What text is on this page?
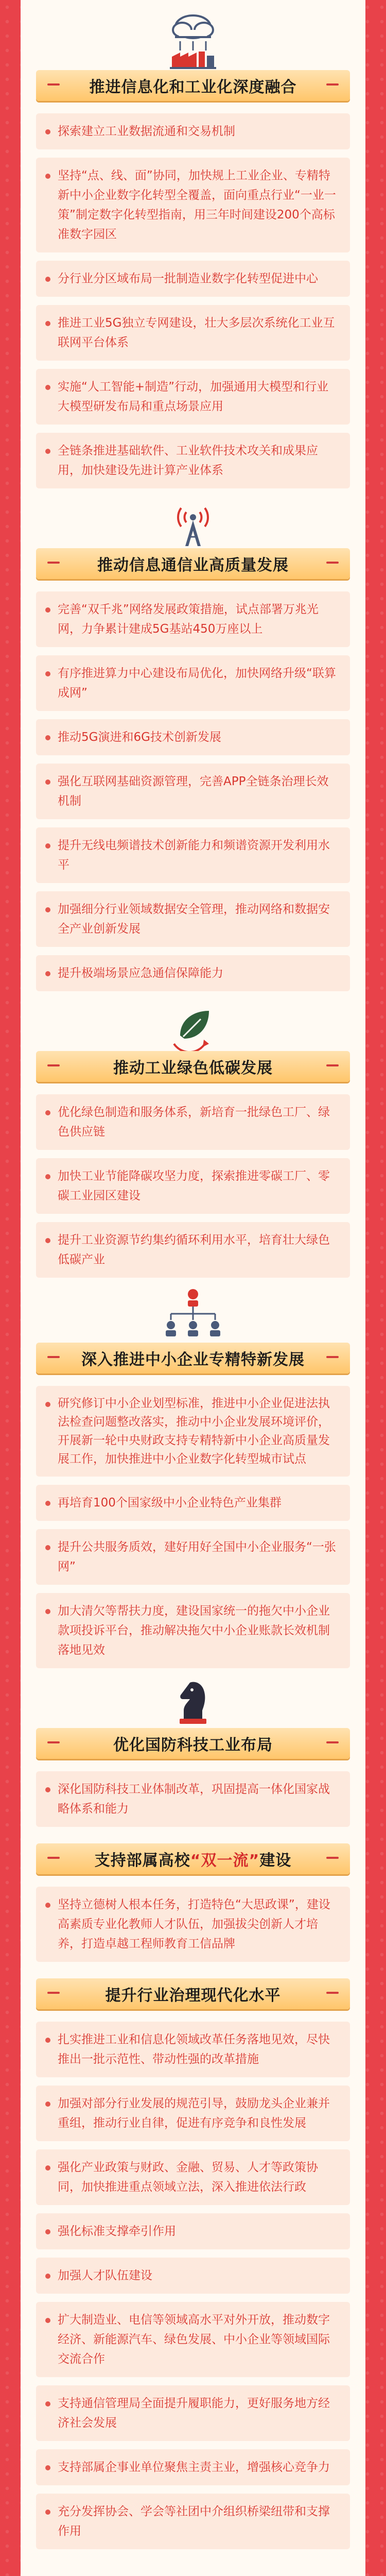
推进信息化和工业化深度融合
探索建立工业数据流通和交易机制
坚持“点、线、面”协同，加快规上工业企业、专精特新中小企业数字化转型全覆盖，面向重点行业“一业一策”制定数字化转型指南，用三年时间建设200个高标准数字园区
分行业分区域布局一批制造业数字化转型促进中心
推进工业5G独立专网建设，壮大多层次系统化工业互联网平台体系
实施“人工智能+制造”行动，加强通用大模型和行业大模型研发布局和重点场景应用
全链条推进基础软件、工业软件技术攻关和成果应用，加快建设先进计算产业体系
推动信息通信业高质量发展
完善“双千兆”网络发展政策措施，试点部署万兆光网，力争累计建成5G基站450万座以上
有序推进算力中心建设布局优化，加快网络升级“联算成网”
推动5G演进和6G技术创新发展
强化互联网基础资源管理，完善APP全链条治理长效机制
提升无线电频谱技术创新能力和频谱资源开发利用水平
加强细分行业领域数据安全管理，推动网络和数据安全产业创新发展
提升极端场景应急通信保障能力
推动工业绿色低碳发展
优化绿色制造和服务体系，新培育一批绿色工厂、绿色供应链
加快工业节能降碳攻坚力度，探索推进零碳工厂、零碳工业园区建设
提升工业资源节约集约循环利用水平，培育壮大绿色低碳产业
深入推进中小企业专精特新发展
研究修订中小企业划型标准，推进中小企业促进法执法检查问题整改落实，推动中小企业发展环境评价，开展新一轮中央财政支持专精特新中小企业高质量发展工作，加快推进中小企业数字化转型城市试点
再培育100个国家级中小企业特色产业集群
提升公共服务质效，建好用好全国中小企业服务“一张网”
加大清欠等帮扶力度，建设国家统一的拖欠中小企业款项投诉平台，推动解决拖欠中小企业账款长效机制落地见效
优化国防科技工业布局
深化国防科技工业体制改革，巩固提高一体化国家战略体系和能力
支持部属高校“双一流”建设
坚持立德树人根本任务，打造特色“大思政课”，建设高素质专业化教师人才队伍，加强拔尖创新人才培养，打造卓越工程师教育工信品牌
提升行业治理现代化水平
扎实推进工业和信息化领域改革任务落地见效，尽快推出一批示范性、带动性强的改革措施
加强对部分行业发展的规范引导，鼓励龙头企业兼并重组，推动行业自律，促进有序竞争和良性发展
强化产业政策与财政、金融、贸易、人才等政策协同，加快推进重点领域立法，深入推进依法行政
强化标准支撑牵引作用
加强人才队伍建设
扩大制造业、电信等领域高水平对外开放，推动数字经济、新能源汽车、绿色发展、中小企业等领域国际交流合作
支持通信管理局全面提升履职能力，更好服务地方经济社会发展
支持部属企事业单位聚焦主责主业，增强核心竞争力
充分发挥协会、学会等社团中介组织桥梁纽带和支撑作用
